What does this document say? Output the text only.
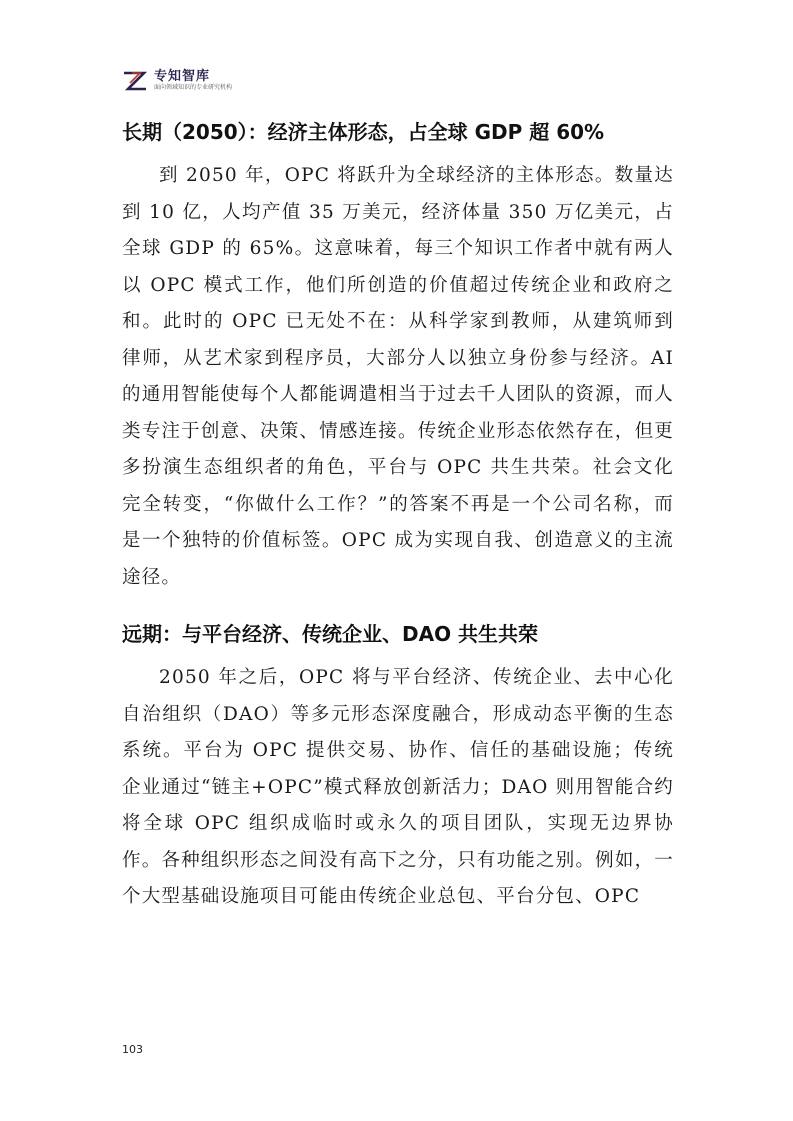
专知智库
面向领域知识的专业研究机构
长期（2050）：经济主体形态，占全球 GDP 超 60%

到 2050 年，OPC 将跃升为全球经济的主体形态。数量达到 10 亿，人均产值 35 万美元，经济体量 350 万亿美元，占全球 GDP 的 65%。这意味着，每三个知识工作者中就有两人以 OPC 模式工作，他们所创造的价值超过传统企业和政府之和。此时的 OPC 已无处不在：从科学家到教师，从建筑师到律师，从艺术家到程序员，大部分人以独立身份参与经济。AI 的通用智能使每个人都能调遣相当于过去千人团队的资源，而人类专注于创意、决策、情感连接。传统企业形态依然存在，但更多扮演生态组织者的角色，平台与 OPC 共生共荣。社会文化完全转变，“你做什么工作？”的答案不再是一个公司名称，而是一个独特的价值标签。OPC 成为实现自我、创造意义的主流途径。

远期：与平台经济、传统企业、DAO 共生共荣

2050 年之后，OPC 将与平台经济、传统企业、去中心化自治组织（DAO）等多元形态深度融合，形成动态平衡的生态系统。平台为 OPC 提供交易、协作、信任的基础设施；传统企业通过“链主+OPC”模式释放创新活力；DAO 则用智能合约将全球 OPC 组织成临时或永久的项目团队，实现无边界协作。各种组织形态之间没有高下之分，只有功能之别。例如，一个大型基础设施项目可能由传统企业总包、平台分包、OPC

103
